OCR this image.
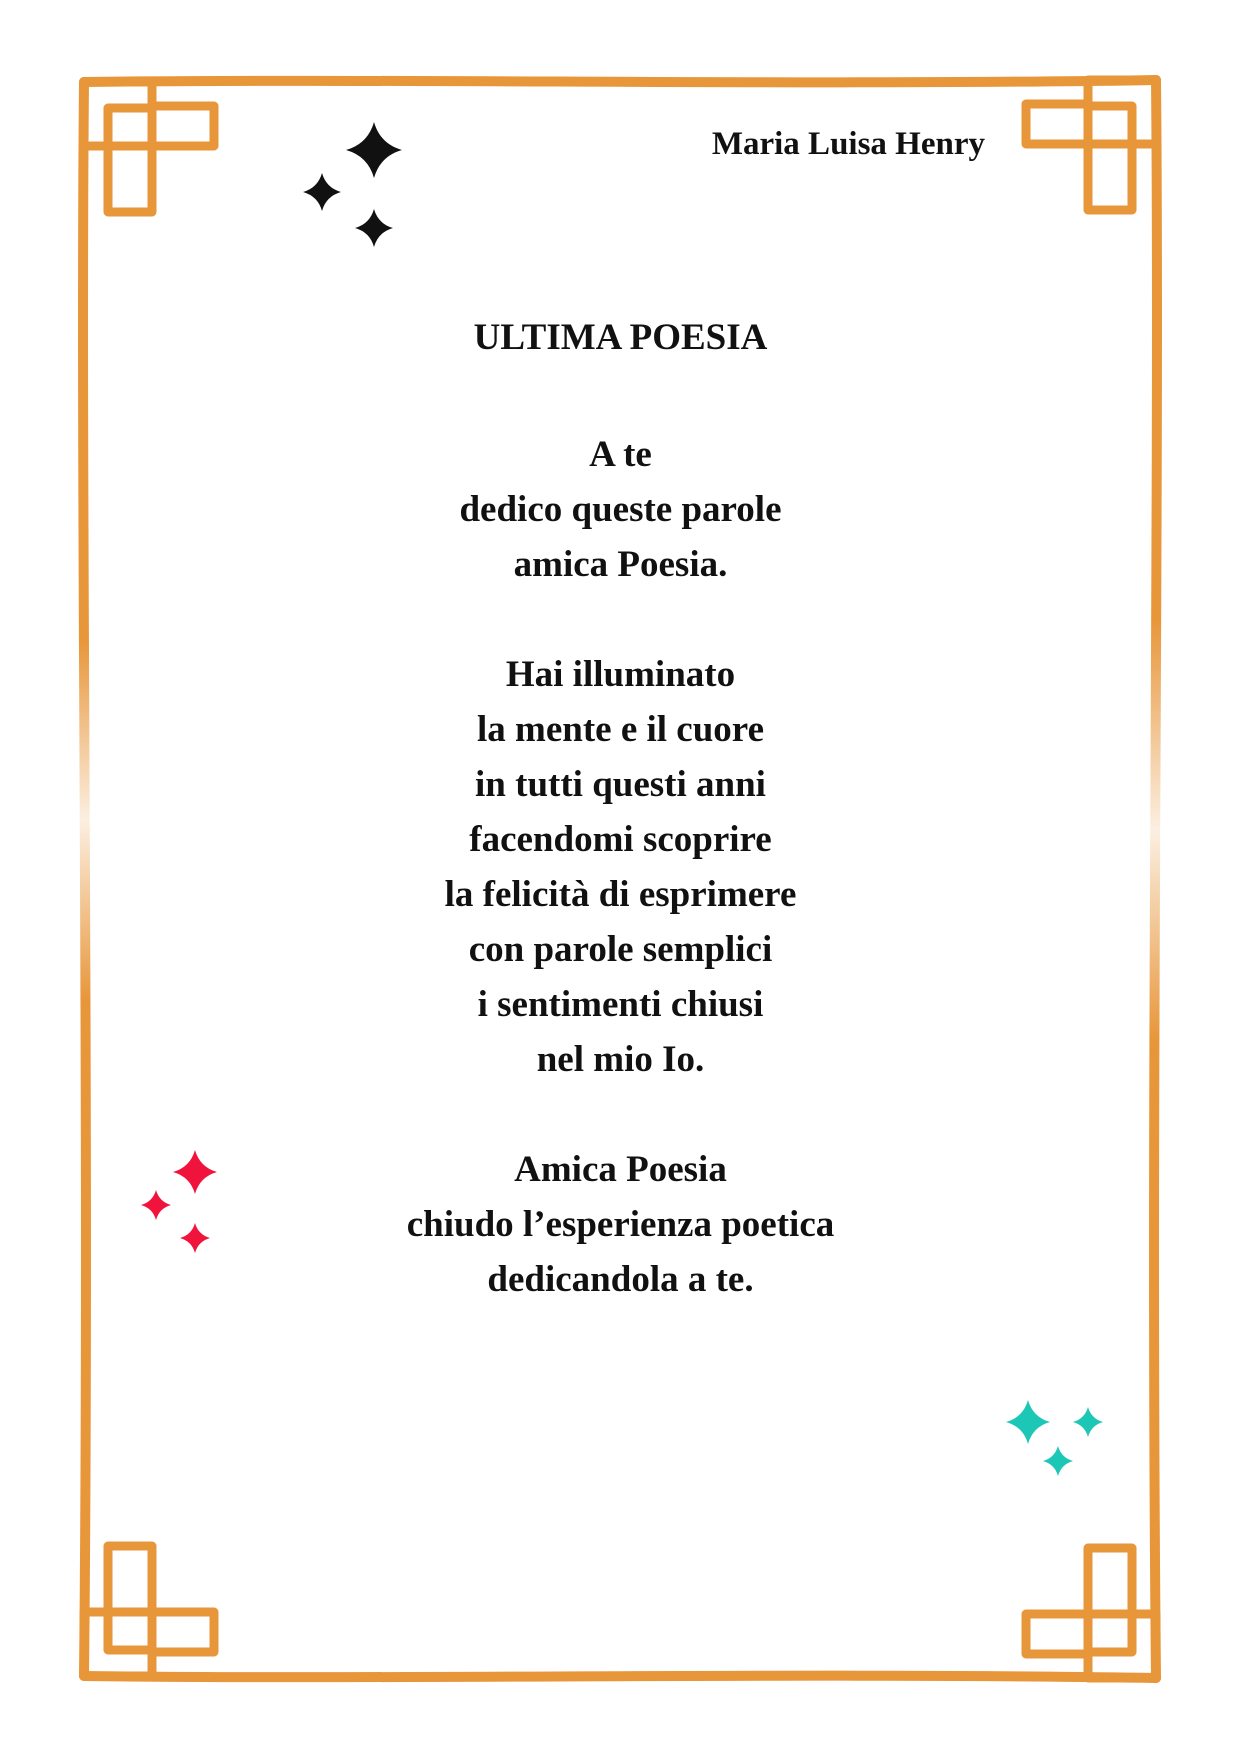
Maria Luisa Henry
ULTIMA POESIA
A te
dedico queste parole
amica Poesia.
Hai illuminato
la mente e il cuore
in tutti questi anni
facendomi scoprire
la felicità di esprimere
con parole semplici
i sentimenti chiusi
nel mio Io.
Amica Poesia
chiudo l’esperienza poetica
dedicandola a te.
